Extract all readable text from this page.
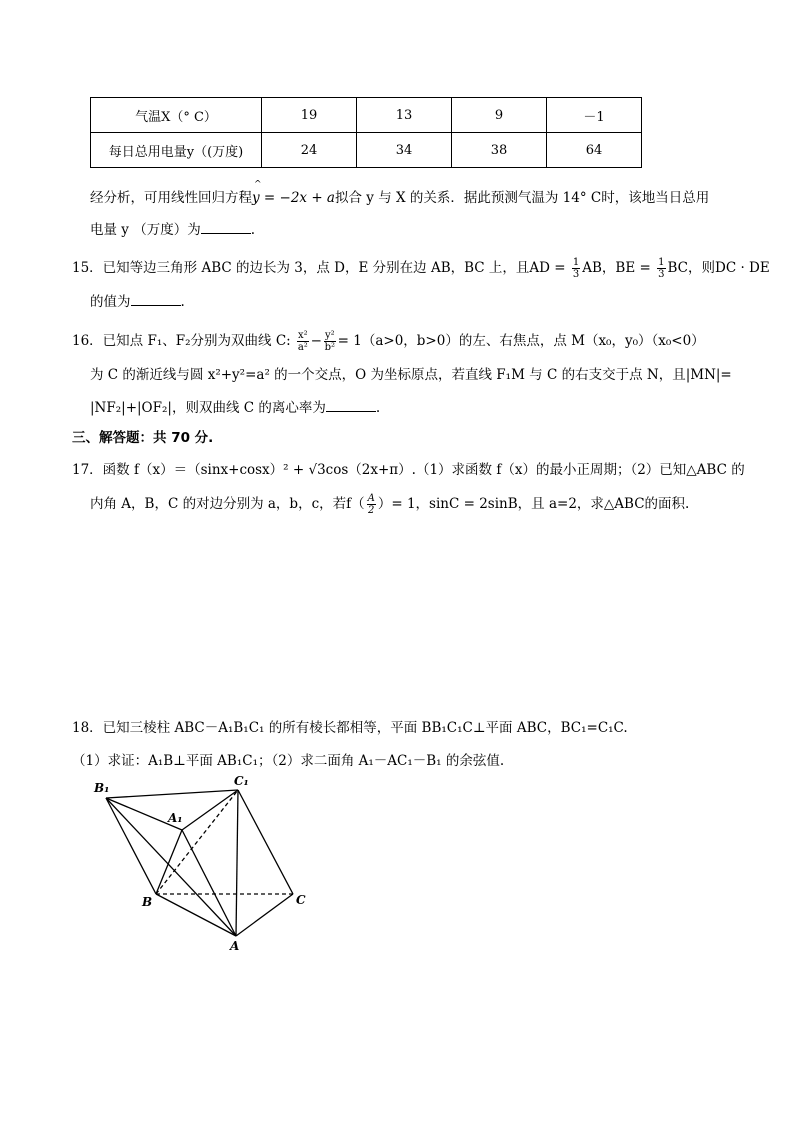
气温X（° C）	19	13	9	－1
每日总用电量y（(万度)	24	34	38	64
经分析，可用线性回归方程
^
y = −2x + a拟合 y 与 X 的关系．据此预测气温为 14° C时，该地当日总用
电量 y （万度）为	.
15．已知等边三角形 ABC 的边长为 3，点 D，E 分别在边 AB，BC 上，且AD = $\frac{1}{3}$ AB，BE = $\frac{1}{3}$ BC，则DC · DE
的值为	.
16．已知点 F₁、F₂分别为双曲线 C: $\frac{\text{x²}}{\text{a²}} - \frac{\text{y²}}{\text{b²}} = 1(a>0$，b>0）的左、右焦点，点 M（x₀，y₀）（x₀<0）
为 C 的渐近线与圆 x²+y²=a² 的一个交点，O 为坐标原点，若直线 F₁M 与 C 的右支交于点 N，且|MN|=
|NF₂|+|OF₂|，则双曲线 C 的离心率为	.
三、解答题：共 70 分.
17．函数 f（x）＝（sinx+cosx）² + √3cos（2x+π）.（1）求函数 f（x）的最小正周期；（2）已知△ABC 的
内角 A，B，C 的对边分别为 a，b，c，若$f( \frac{A}{2}$ ）= 1，sinC = 2sinB，且 a=2，求△ABC的面积.
18．已知三棱柱 ABC－A₁B₁C₁ 的所有棱长都相等，平面 BB₁C₁C⊥平面 ABC，BC₁=C₁C.
（1）求证：A₁B⊥平面 AB₁C₁；（2）求二面角 A₁－AC₁－B₁ 的余弦值.
B₁	C₁
A₁
B	C
A
